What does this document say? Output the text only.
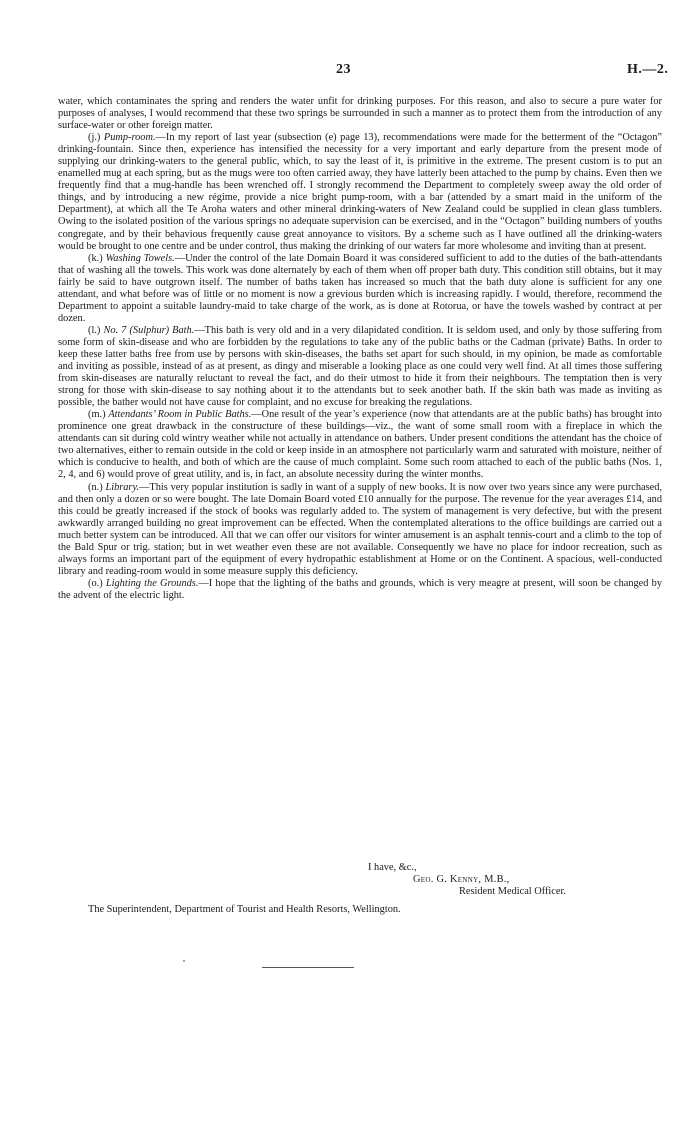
23	H.—2.

water, which contaminates the spring and renders the water unfit for drinking purposes. For this reason, and also to secure a pure water for purposes of analyses, I would recommend that these two springs be surrounded in such a manner as to protect them from the introduction of any surface-water or other foreign matter.

(j.) Pump-room.—In my report of last year (subsection (e) page 13), recommendations were made for the betterment of the “Octagon” drinking-fountain. Since then, experience has intensified the necessity for a very important and early departure from the present mode of supplying our drinking-waters to the general public, which, to say the least of it, is primitive in the extreme. The present custom is to put an enamelled mug at each spring, but as the mugs were too often carried away, they have latterly been attached to the pump by chains. Even then we frequently find that a mug-handle has been wrenched off. I strongly recommend the Department to completely sweep away the old order of things, and by introducing a new régime, provide a nice bright pump-room, with a bar (attended by a smart maid in the uniform of the Department), at which all the Te Aroha waters and other mineral drinking-waters of New Zealand could be supplied in clean glass tumblers. Owing to the isolated position of the various springs no adequate supervision can be exercised, and in the “Octagon” building numbers of youths congregate, and by their behavious frequently cause great annoyance to visitors. By a scheme such as I have outlined all the drinking-waters would be brought to one centre and be under control, thus making the drinking of our waters far more wholesome and inviting than at present.

(k.) Washing Towels.—Under the control of the late Domain Board it was considered sufficient to add to the duties of the bath-attendants that of washing all the towels. This work was done alternately by each of them when off proper bath duty. This condition still obtains, but it may fairly be said to have outgrown itself. The number of baths taken has increased so much that the bath duty alone is sufficient for any one attendant, and what before was of little or no moment is now a grevious burden which is increasing rapidly. I would, therefore, recommend the Department to appoint a suitable laundry-maid to take charge of the work, as is done at Rotorua, or have the towels washed by contract at per dozen.

(l.) No. 7 (Sulphur) Bath.—This bath is very old and in a very dilapidated condition. It is seldom used, and only by those suffering from some form of skin-disease and who are forbidden by the regulations to take any of the public baths or the Cadman (private) Baths. In order to keep these latter baths free from use by persons with skin-diseases, the baths set apart for such should, in my opinion, be made as comfortable and inviting as possible, instead of as at present, as dingy and miserable a looking place as one could very well find. At all times those suffering from skin-diseases are naturally reluctant to reveal the fact, and do their utmost to hide it from their neighbours. The temptation then is very strong for those with skin-disease to say nothing about it to the attendants but to seek another bath. If the skin bath was made as inviting as possible, the bather would not have cause for complaint, and no excuse for breaking the regulations.

(m.) Attendants’ Room in Public Baths.—One result of the year’s experience (now that attendants are at the public baths) has brought into prominence one great drawback in the constructure of these buildings—viz., the want of some small room with a fireplace in which the attendants can sit during cold wintry weather while not actually in attendance on bathers. Under present conditions the attendant has the choice of two alternatives, either to remain outside in the cold or keep inside in an atmosphere not particularly warm and saturated with moisture, neither of which is conducive to health, and both of which are the cause of much complaint. Some such room attached to each of the public baths (Nos. 1, 2, 4, and 6) would prove of great utility, and is, in fact, an absolute necessity during the winter months.

(n.) Library.—This very popular institution is sadly in want of a supply of new books. It is now over two years since any were purchased, and then only a dozen or so were bought. The late Domain Board voted £10 annually for the purpose. The revenue for the year averages £14, and this could be greatly increased if the stock of books was regularly added to. The system of management is very defective, but with the present awkwardly arranged building no great improvement can be effected. When the contemplated alterations to the office buildings are carried out a much better system can be introduced. All that we can offer our visitors for winter amusement is an asphalt tennis-court and a climb to the top of the Bald Spur or trig. station; but in wet weather even these are not available. Consequently we have no place for indoor recreation, such as always forms an important part of the equipment of every hydropathic establishment at Home or on the Continent. A spacious, well-conducted library and reading-room would in some measure supply this deficiency.

(o.) Lighting the Grounds.—I hope that the lighting of the baths and grounds, which is very meagre at present, will soon be changed by the advent of the electric light.

I have, &c.,
Geo. G. Kenny, M.B.,
Resident Medical Officer.
The Superintendent, Department of Tourist and Health Resorts, Wellington.
